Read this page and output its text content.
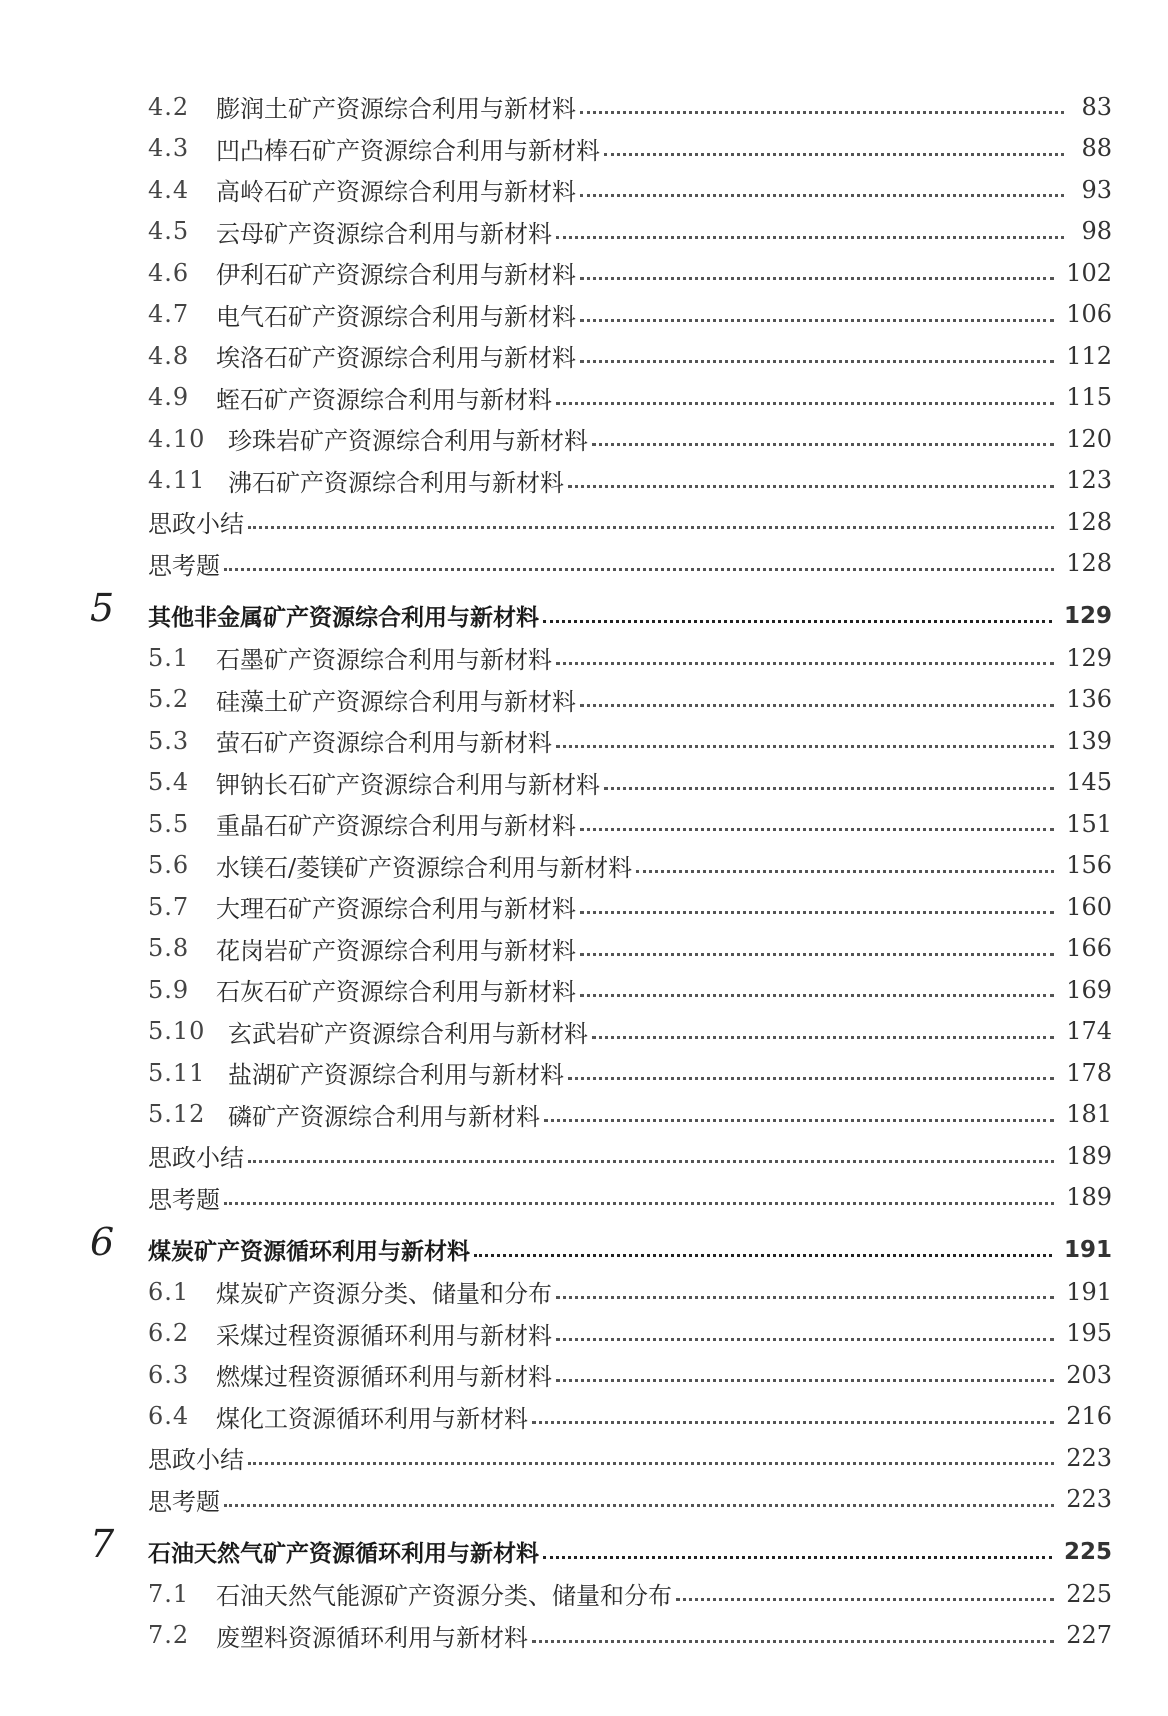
4.2	膨润土矿产资源综合利用与新材料	83
4.3	凹凸棒石矿产资源综合利用与新材料	88
4.4	高岭石矿产资源综合利用与新材料	93
4.5	云母矿产资源综合利用与新材料	98
4.6	伊利石矿产资源综合利用与新材料	102
4.7	电气石矿产资源综合利用与新材料	106
4.8	埃洛石矿产资源综合利用与新材料	112
4.9	蛭石矿产资源综合利用与新材料	115
4.10 珍珠岩矿产资源综合利用与新材料	120
4.11 沸石矿产资源综合利用与新材料	123
思政小结	128
思考题	128
5	其他非金属矿产资源综合利用与新材料	129
5.1	石墨矿产资源综合利用与新材料	129
5.2	硅藻土矿产资源综合利用与新材料	136
5.3	萤石矿产资源综合利用与新材料	139
5.4	钾钠长石矿产资源综合利用与新材料	145
5.5	重晶石矿产资源综合利用与新材料	151
5.6	水镁石/菱镁矿产资源综合利用与新材料	156
5.7	大理石矿产资源综合利用与新材料	160
5.8	花岗岩矿产资源综合利用与新材料	166
5.9	石灰石矿产资源综合利用与新材料	169
5.10 玄武岩矿产资源综合利用与新材料	174
5.11 盐湖矿产资源综合利用与新材料	178
5.12 磷矿产资源综合利用与新材料	181
思政小结	189
思考题	189
6	煤炭矿产资源循环利用与新材料	191
6.1	煤炭矿产资源分类、储量和分布	191
6.2	采煤过程资源循环利用与新材料	195
6.3	燃煤过程资源循环利用与新材料	203
6.4	煤化工资源循环利用与新材料	216
思政小结	223
思考题	223
7	石油天然气矿产资源循环利用与新材料	225
7.1	石油天然气能源矿产资源分类、储量和分布	225
7.2	废塑料资源循环利用与新材料	227
